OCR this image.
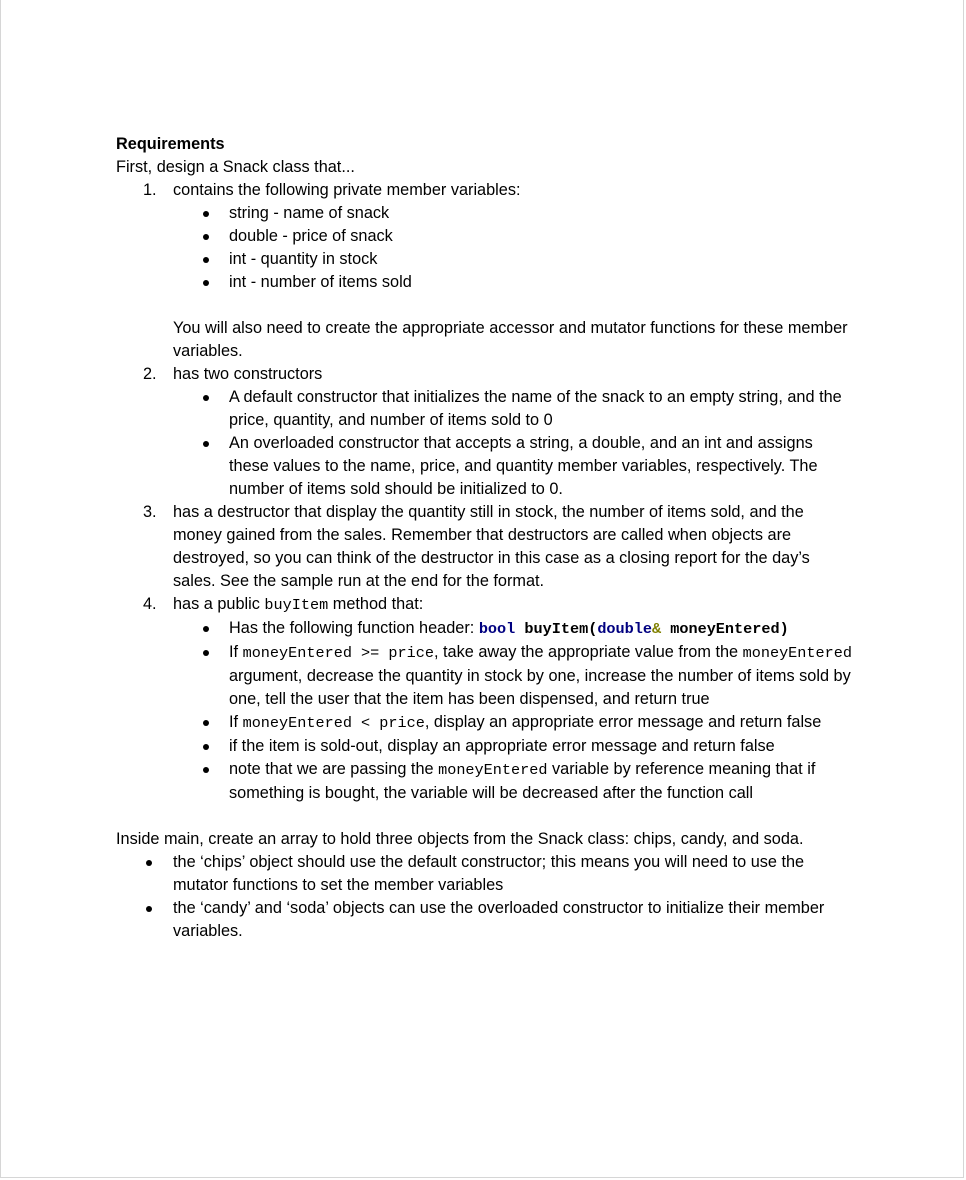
Requirements

First, design a Snack class that...

1. contains the following private member variables:
string - name of snack
double - price of snack
int - quantity in stock
int - number of items sold

You will also need to create the appropriate accessor and mutator functions for these member variables.

2. has two constructors
A default constructor that initializes the name of the snack to an empty string, and the price, quantity, and number of items sold to 0
An overloaded constructor that accepts a string, a double, and an int and assigns these values to the name, price, and quantity member variables, respectively. The number of items sold should be initialized to 0.
3. has a destructor that display the quantity still in stock, the number of items sold, and the money gained from the sales. Remember that destructors are called when objects are destroyed, so you can think of the destructor in this case as a closing report for the day’s sales. See the sample run at the end for the format.
4. has a public buyItem method that:
Has the following function header: bool buyItem(double& moneyEntered)
If moneyEntered >= price, take away the appropriate value from the moneyEntered argument, decrease the quantity in stock by one, increase the number of items sold by one, tell the user that the item has been dispensed, and return true
If moneyEntered < price, display an appropriate error message and return false
if the item is sold-out, display an appropriate error message and return false
note that we are passing the moneyEntered variable by reference meaning that if something is bought, the variable will be decreased after the function call

Inside main, create an array to hold three objects from the Snack class: chips, candy, and soda.

the ‘chips’ object should use the default constructor; this means you will need to use the mutator functions to set the member variables
the ‘candy’ and ‘soda’ objects can use the overloaded constructor to initialize their member variables.
